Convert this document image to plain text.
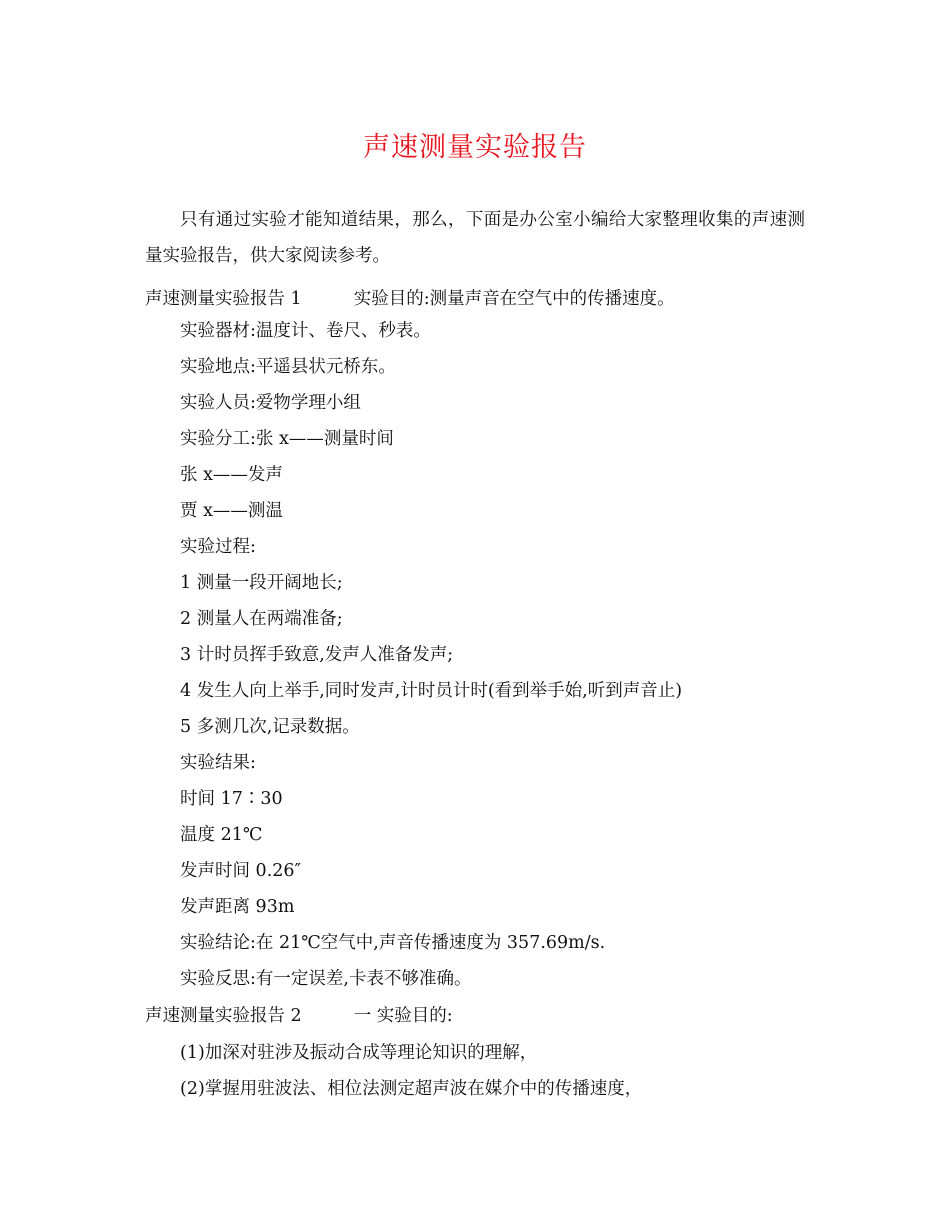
声速测量实验报告
只有通过实验才能知道结果，那么，下面是办公室小编给大家整理收集的声速测量实验报告，供大家阅读参考。
声速测量实验报告 1	实验目的:测量声音在空气中的传播速度。
实验器材:温度计、卷尺、秒表。
实验地点:平遥县状元桥东。
实验人员:爱物学理小组
实验分工:张 x——测量时间
张 x——发声
贾 x——测温
实验过程:
1 测量一段开阔地长;
2 测量人在两端准备;
3 计时员挥手致意,发声人准备发声;
4 发生人向上举手,同时发声,计时员计时(看到举手始,听到声音止)
5 多测几次,记录数据。
实验结果:
时间 17∶30
温度 21℃
发声时间 0.26″
发声距离 93m
实验结论:在 21℃空气中,声音传播速度为 357.69m/s.
实验反思:有一定误差,卡表不够准确。
声速测量实验报告 2	一 实验目的:
(1)加深对驻涉及振动合成等理论知识的理解，
(2)掌握用驻波法、相位法测定超声波在媒介中的传播速度，
